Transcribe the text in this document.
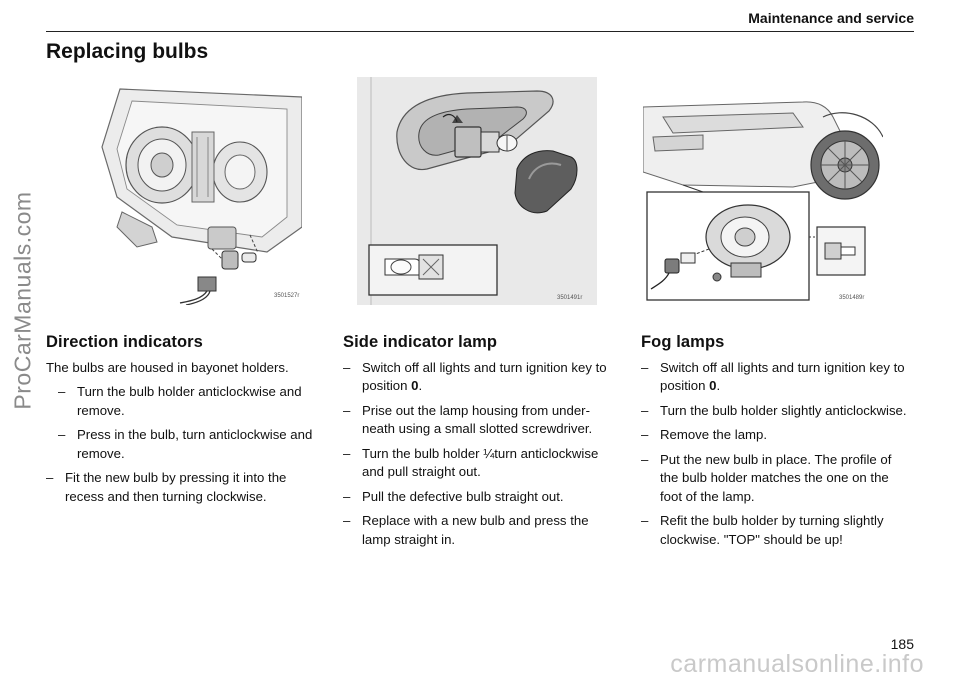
Maintenance and service
Replacing bulbs
3501527r	3501491r	3501489r
Direction indicators

The bulbs are housed in bayonet holders.

– Turn the bulb holder anticlockwise and remove.
– Press in the bulb, turn anticlockwise and remove.
– Fit the new bulb by pressing it into the recess and then turning clockwise.
Side indicator lamp
– Switch off all lights and turn ignition key to position 0.
– Prise out the lamp housing from under-neath using a small slotted screwdriver.
– Turn the bulb holder ¼turn anticlockwise and pull straight out.
– Pull the defective bulb straight out.
– Replace with a new bulb and press the lamp straight in.
Fog lamps
– Switch off all lights and turn ignition key to position 0.
– Turn the bulb holder slightly anticlockwise.
– Remove the lamp.
– Put the new bulb in place. The profile of the bulb holder matches the one on the foot of the lamp.
– Refit the bulb holder by turning slightly clockwise. "TOP" should be up!
185
ProCarManuals.com
carmanualsonline.info
